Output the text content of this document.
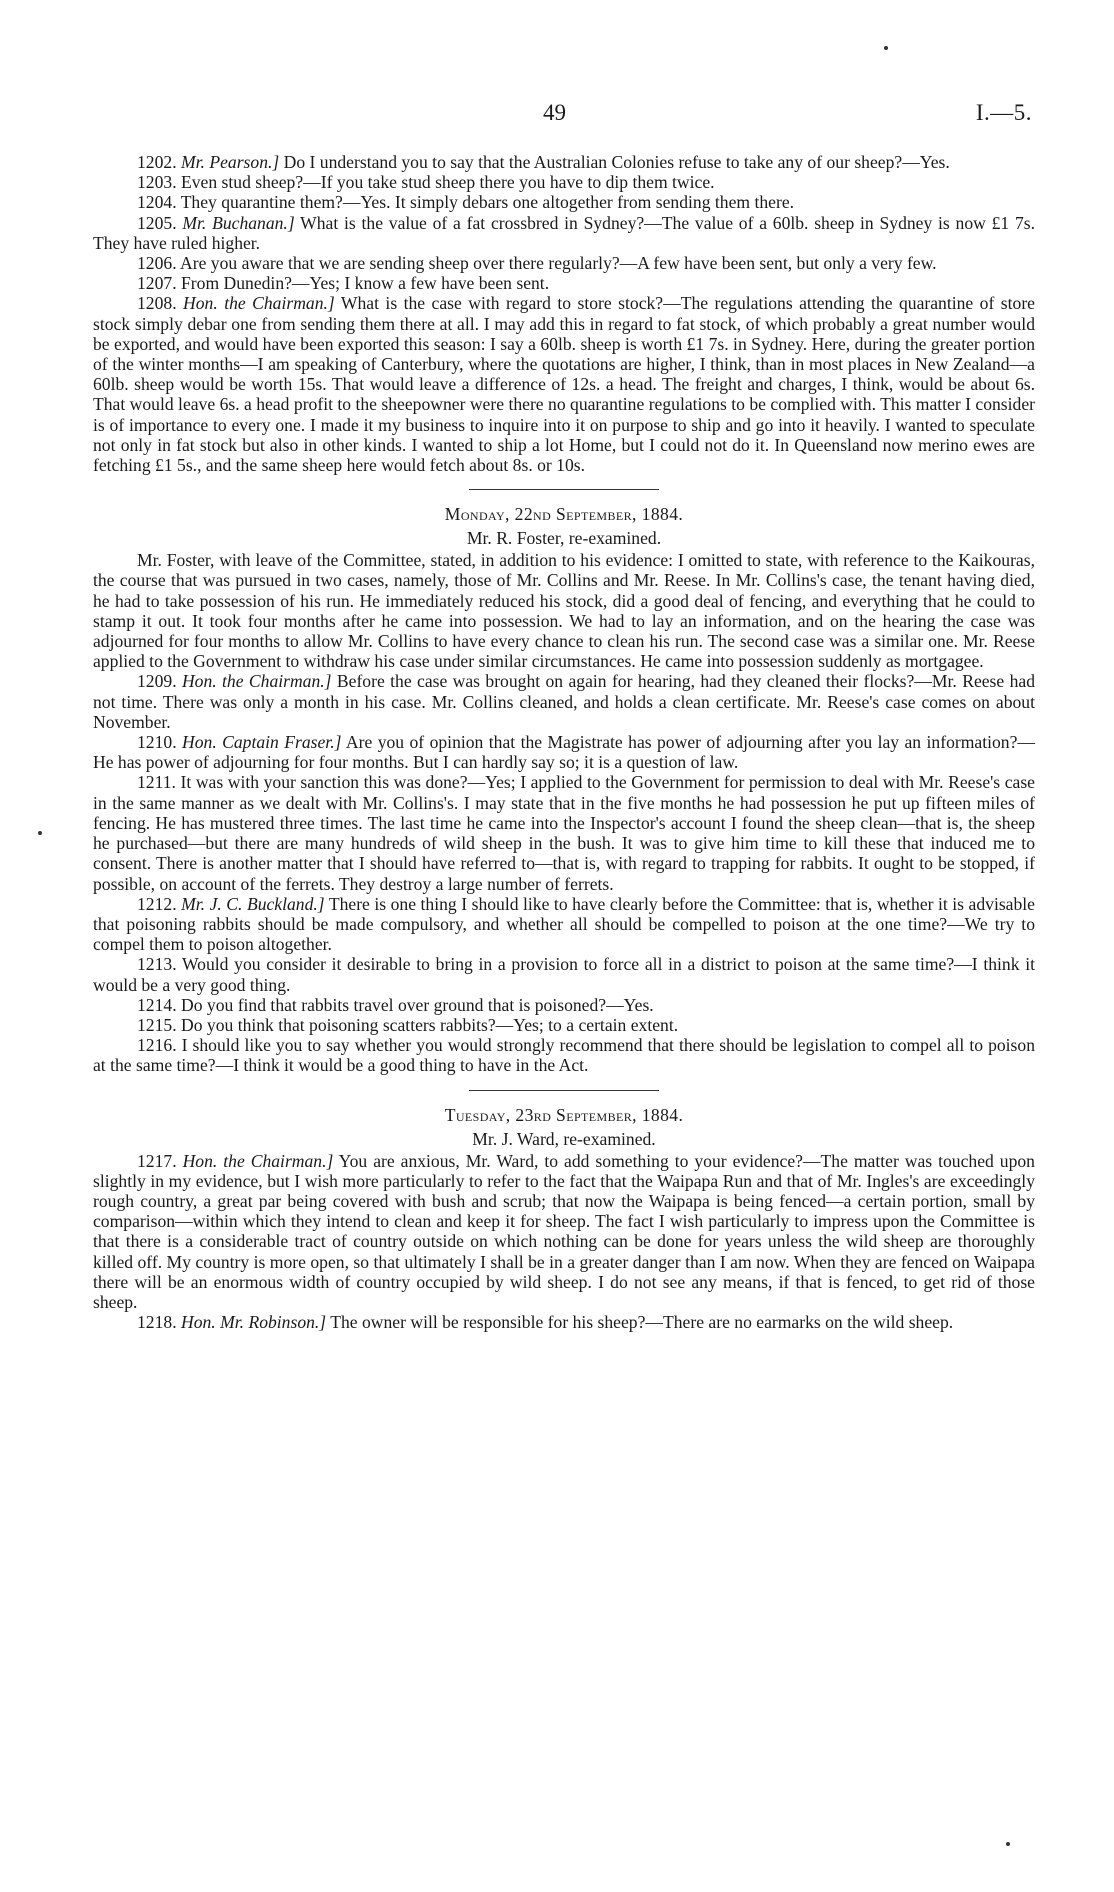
49	I.—5.

1202. Mr. Pearson.] Do I understand you to say that the Australian Colonies refuse to take any of our sheep?—Yes.

1203. Even stud sheep?—If you take stud sheep there you have to dip them twice.

1204. They quarantine them?—Yes. It simply debars one altogether from sending them there.

1205. Mr. Buchanan.] What is the value of a fat crossbred in Sydney?—The value of a 60lb. sheep in Sydney is now £1 7s. They have ruled higher.

1206. Are you aware that we are sending sheep over there regularly?—A few have been sent, but only a very few.

1207. From Dunedin?—Yes; I know a few have been sent.

1208. Hon. the Chairman.] What is the case with regard to store stock?—The regulations attending the quarantine of store stock simply debar one from sending them there at all. I may add this in regard to fat stock, of which probably a great number would be exported, and would have been exported this season: I say a 60lb. sheep is worth £1 7s. in Sydney. Here, during the greater portion of the winter months—I am speaking of Canterbury, where the quotations are higher, I think, than in most places in New Zealand—a 60lb. sheep would be worth 15s. That would leave a difference of 12s. a head. The freight and charges, I think, would be about 6s. That would leave 6s. a head profit to the sheepowner were there no quarantine regulations to be complied with. This matter I consider is of importance to every one. I made it my business to inquire into it on purpose to ship and go into it heavily. I wanted to speculate not only in fat stock but also in other kinds. I wanted to ship a lot Home, but I could not do it. In Queensland now merino ewes are fetching £1 5s., and the same sheep here would fetch about 8s. or 10s.

Monday, 22nd September, 1884.

Mr. R. Foster, re-examined.

Mr. Foster, with leave of the Committee, stated, in addition to his evidence: I omitted to state, with reference to the Kaikouras, the course that was pursued in two cases, namely, those of Mr. Collins and Mr. Reese. In Mr. Collins's case, the tenant having died, he had to take possession of his run. He immediately reduced his stock, did a good deal of fencing, and everything that he could to stamp it out. It took four months after he came into possession. We had to lay an information, and on the hearing the case was adjourned for four months to allow Mr. Collins to have every chance to clean his run. The second case was a similar one. Mr. Reese applied to the Government to withdraw his case under similar circumstances. He came into possession suddenly as mortgagee.

1209. Hon. the Chairman.] Before the case was brought on again for hearing, had they cleaned their flocks?—Mr. Reese had not time. There was only a month in his case. Mr. Collins cleaned, and holds a clean certificate. Mr. Reese's case comes on about November.

1210. Hon. Captain Fraser.] Are you of opinion that the Magistrate has power of adjourning after you lay an information?—He has power of adjourning for four months. But I can hardly say so; it is a question of law.

1211. It was with your sanction this was done?—Yes; I applied to the Government for permission to deal with Mr. Reese's case in the same manner as we dealt with Mr. Collins's. I may state that in the five months he had possession he put up fifteen miles of fencing. He has mustered three times. The last time he came into the Inspector's account I found the sheep clean—that is, the sheep he purchased—but there are many hundreds of wild sheep in the bush. It was to give him time to kill these that induced me to consent. There is another matter that I should have referred to—that is, with regard to trapping for rabbits. It ought to be stopped, if possible, on account of the ferrets. They destroy a large number of ferrets.

1212. Mr. J. C. Buckland.] There is one thing I should like to have clearly before the Committee: that is, whether it is advisable that poisoning rabbits should be made compulsory, and whether all should be compelled to poison at the one time?—We try to compel them to poison altogether.

1213. Would you consider it desirable to bring in a provision to force all in a district to poison at the same time?—I think it would be a very good thing.

1214. Do you find that rabbits travel over ground that is poisoned?—Yes.

1215. Do you think that poisoning scatters rabbits?—Yes; to a certain extent.

1216. I should like you to say whether you would strongly recommend that there should be legislation to compel all to poison at the same time?—I think it would be a good thing to have in the Act.

Tuesday, 23rd September, 1884.

Mr. J. Ward, re-examined.

1217. Hon. the Chairman.] You are anxious, Mr. Ward, to add something to your evidence?—The matter was touched upon slightly in my evidence, but I wish more particularly to refer to the fact that the Waipapa Run and that of Mr. Ingles's are exceedingly rough country, a great par being covered with bush and scrub; that now the Waipapa is being fenced—a certain portion, small by comparison—within which they intend to clean and keep it for sheep. The fact I wish particularly to impress upon the Committee is that there is a considerable tract of country outside on which nothing can be done for years unless the wild sheep are thoroughly killed off. My country is more open, so that ultimately I shall be in a greater danger than I am now. When they are fenced on Waipapa there will be an enormous width of country occupied by wild sheep. I do not see any means, if that is fenced, to get rid of those sheep.

1218. Hon. Mr. Robinson.] The owner will be responsible for his sheep?—There are no earmarks on the wild sheep.
